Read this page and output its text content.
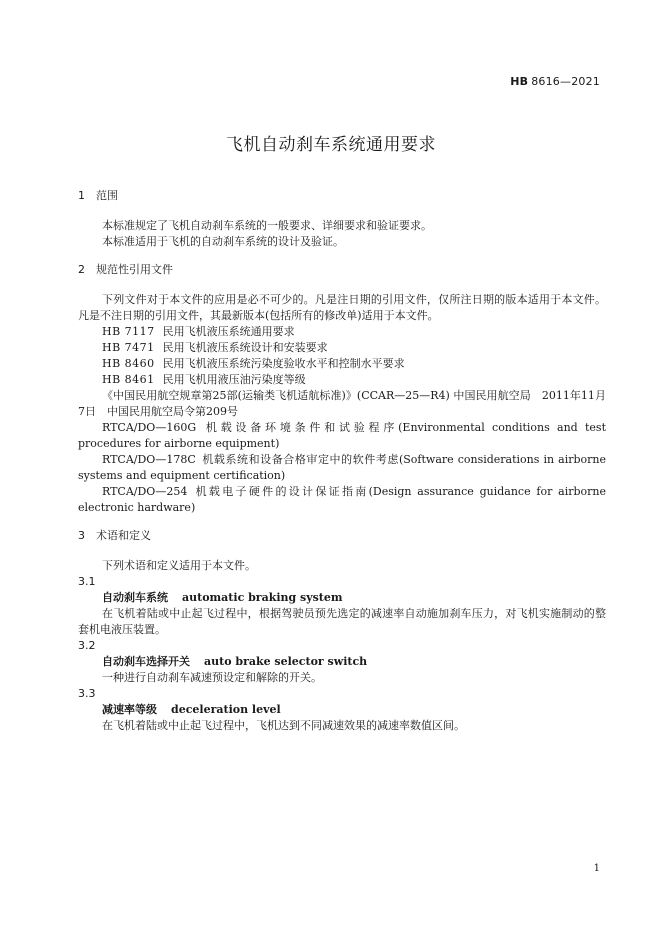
HB 8616—2021
飞机自动刹车系统通用要求

1	范围

本标准规定了飞机自动刹车系统的一般要求、详细要求和验证要求。

本标准适用于飞机的自动刹车系统的设计及验证。

2	规范性引用文件

下列文件对于本文件的应用是必不可少的。凡是注日期的引用文件，仅所注日期的版本适用于本文件。凡是不注日期的引用文件，其最新版本(包括所有的修改单)适用于本文件。

HB 7117 民用飞机液压系统通用要求

HB 7471 民用飞机液压系统设计和安装要求

HB 8460 民用飞机液压系统污染度验收水平和控制水平要求

HB 8461 民用飞机用液压油污染度等级

《中国民用航空规章第25部(运输类飞机适航标准)》(CCAR—25—R4) 中国民用航空局　2011年11月7日　中国民用航空局令第209号

RTCA/DO—160G 机载设备环境条件和试验程序(Environmental conditions and test procedures for airborne equipment)

RTCA/DO—178C 机载系统和设备合格审定中的软件考虑(Software considerations in airborne systems and equipment certification)

RTCA/DO—254 机载电子硬件的设计保证指南(Design assurance guidance for airborne electronic hardware)

3	术语和定义

下列术语和定义适用于本文件。

3.1

自动刹车系统 automatic braking system

在飞机着陆或中止起飞过程中，根据驾驶员预先选定的减速率自动施加刹车压力，对飞机实施制动的整套机电液压装置。

3.2

自动刹车选择开关 auto brake selector switch

一种进行自动刹车减速预设定和解除的开关。

3.3

减速率等级 deceleration level

在飞机着陆或中止起飞过程中，飞机达到不同减速效果的减速率数值区间。

1
